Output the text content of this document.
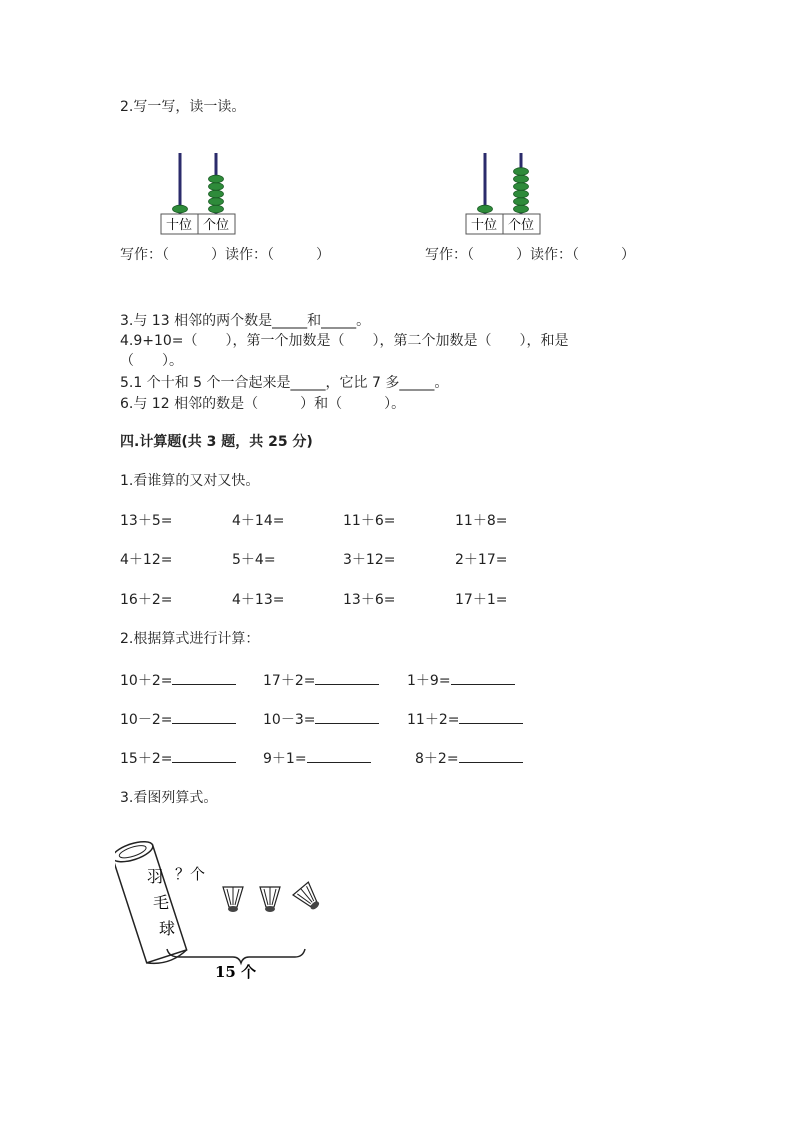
2.写一写，读一读。
十位 个位	十位 个位
写作：（　　　）读作：（　　　）	写作：（　　　）读作：（　　　）
3.与 13 相邻的两个数是_____和_____。
4.9+10=（　　），第一个加数是（　　），第二个加数是（　　），和是
（　　）。
5.1 个十和 5 个一合起来是_____，它比 7 多_____。
6.与 12 相邻的数是（　　　）和（　　　）。
四.计算题(共 3 题，共 25 分)
1.看谁算的又对又快。
13＋5=	4＋14=	11＋6=	11＋8=
4＋12=	5＋4=	3＋12=	2＋17=
16＋2=	4＋13=	13＋6=	17＋1=
2.根据算式进行计算：
10＋2=	17＋2=	1＋9=
10－2=	10－3=	11＋2=
15＋2=	9＋1=	8＋2=
3.看图列算式。
羽
毛
球
？个
15 个
